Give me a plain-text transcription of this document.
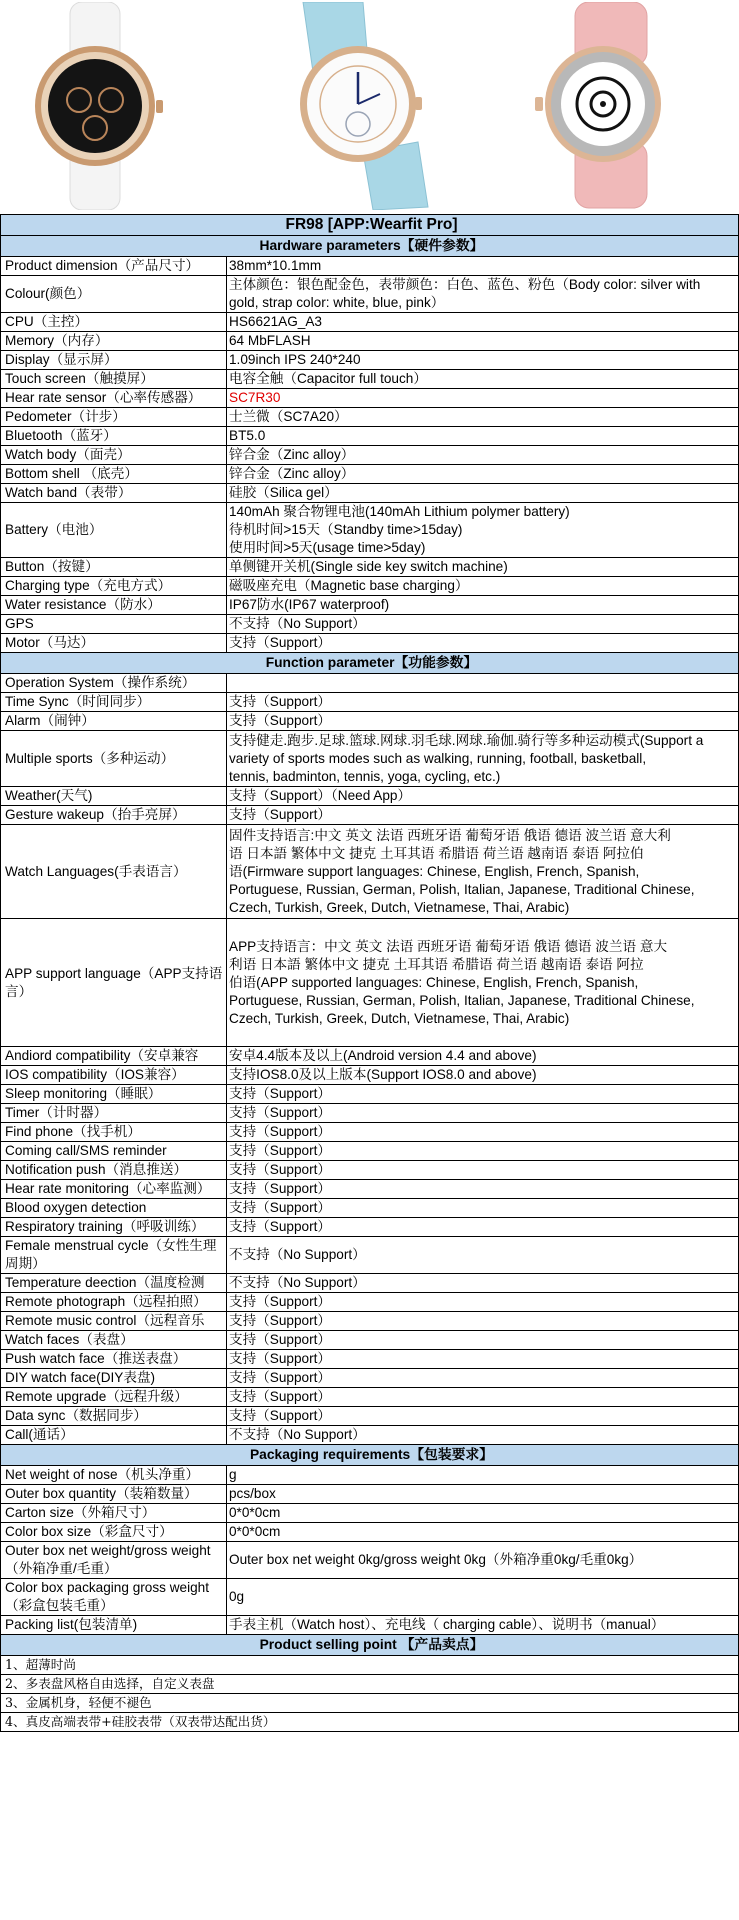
FR98 [APP:Wearfit Pro]	
Hardware parameters【硬件参数】	
Product dimension（产品尺寸）	38mm*10.1mm

Colour(颜色）	主体颜色：银色配金色，表带颜色：白色、蓝色、粉色（Body color: silver with
gold, strap color: white, blue, pink）

CPU（主控）	HS6621AG_A3

Memory（内存）	64 MbFLASH

Display（显示屏）	1.09inch IPS 240*240

Touch screen（触摸屏）	电容全触（Capacitor full touch）

Hear rate sensor（心率传感器）	SC7R30

Pedometer（计步）	士兰微（SC7A20）

Bluetooth（蓝牙）	BT5.0

Watch body（面壳）	锌合金（Zinc alloy）

Bottom shell （底壳）	锌合金（Zinc alloy）

Watch band（表带）	硅胶（Silica gel）

Battery（电池）	140mAh 聚合物锂电池(140mAh Lithium polymer battery)
待机时间>15天（Standby time>15day)
使用时间>5天(usage time>5day)

Button（按键）	单侧键开关机(Single side key switch machine)

Charging type（充电方式）	磁吸座充电（Magnetic base charging）

Water resistance（防水）	IP67防水(IP67 waterproof)

GPS	不支持（No Support）

Motor（马达）	支持（Support）

Function parameter【功能参数】	
Operation System（操作系统）	

Time Sync（时间同步）	支持（Support）

Alarm（闹钟）	支持（Support）

Multiple sports（多种运动）	支持健走.跑步.足球.篮球.网球.羽毛球.网球.瑜伽.骑行等多种运动模式(Support a
variety of sports modes such as walking, running, football, basketball,
tennis, badminton, tennis, yoga, cycling, etc.)

Weather(天气)	支持（Support）（Need App）

Gesture wakeup（抬手亮屏）	支持（Support）

Watch Languages(手表语言）	固件支持语言:中文 英文 法语 西班牙语 葡萄牙语 俄语 德语 波兰语 意大利
语 日本語 繁体中文 捷克 土耳其语 希腊语 荷兰语 越南语 泰语 阿拉伯
语(Firmware support languages: Chinese, English, French, Spanish,
Portuguese, Russian, German, Polish, Italian, Japanese, Traditional Chinese,
Czech, Turkish, Greek, Dutch, Vietnamese, Thai, Arabic)

APP support language（APP支持语言）	APP支持语言：中文 英文 法语 西班牙语 葡萄牙语 俄语 德语 波兰语 意大
利语 日本語 繁体中文 捷克 土耳其语 希腊语 荷兰语 越南语 泰语 阿拉
伯语(APP supported languages: Chinese, English, French, Spanish,
Portuguese, Russian, German, Polish, Italian, Japanese, Traditional Chinese,
Czech, Turkish, Greek, Dutch, Vietnamese, Thai, Arabic)

Andiord compatibility（安卓兼容	安卓4.4版本及以上(Android version 4.4 and above)

IOS compatibility（IOS兼容）	支持IOS8.0及以上版本(Support IOS8.0 and above)

Sleep monitoring（睡眠）	支持（Support）

Timer（计时器）	支持（Support）

Find phone（找手机）	支持（Support）

Coming call/SMS reminder	支持（Support）

Notification push（消息推送）	支持（Support）

Hear rate monitoring（心率监测）	支持（Support）

Blood oxygen detection	支持（Support）

Respiratory training（呼吸训练）	支持（Support）

Female menstrual cycle（女性生理周期）	不支持（No Support）

Temperature deection（温度检测	不支持（No Support）

Remote photograph（远程拍照）	支持（Support）

Remote music control（远程音乐	支持（Support）

Watch faces（表盘）	支持（Support）

Push watch face（推送表盘）	支持（Support）

DIY watch face(DIY表盘)	支持（Support）

Remote upgrade（远程升级）	支持（Support）

Data sync（数据同步）	支持（Support）

Call(通话）	不支持（No Support）

Packaging requirements【包装要求】	
Net weight of nose（机头净重）	g

Outer box quantity（装箱数量）	pcs/box

Carton size（外箱尺寸）	0*0*0cm

Color box size（彩盒尺寸）	0*0*0cm

Outer box net weight/gross weight（外箱净重/毛重）	Outer box net weight 0kg/gross weight 0kg（外箱净重0kg/毛重0kg）

Color box packaging gross weight（彩盒包装毛重）	0g

Packing list(包装清单)	手表主机（Watch host）、充电线（ charging cable）、说明书（manual）

Product selling point 【产品卖点】	
1、超薄时尚	
2、多表盘风格自由选择，自定义表盘	
3、金属机身，轻便不褪色	
4、真皮高端表带+硅胶表带（双表带达配出货）	
